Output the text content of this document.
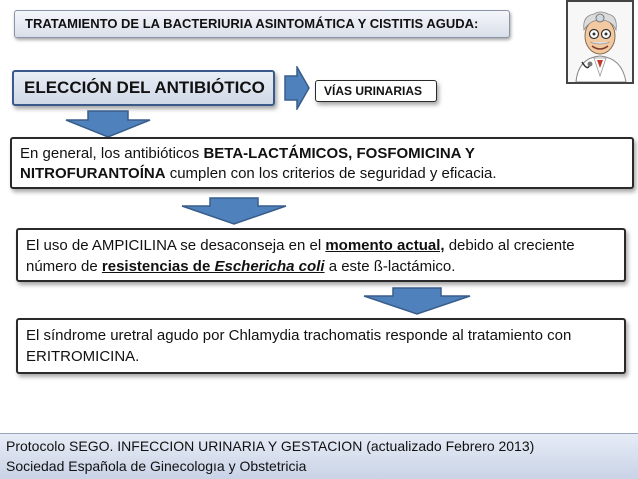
TRATAMIENTO DE LA BACTERIURIA ASINTOMÁTICA Y CISTITIS AGUDA:
ELECCIÓN DEL ANTIBIÓTICO	VÍAS URINARIAS
En general, los antibióticos BETA-LACTÁMICOS, FOSFOMICINA Y NITROFURANTOÍNA cumplen con los criterios de seguridad y eficacia.
El uso de AMPICILINA se desaconseja en el momento actual, debido al creciente número de resistencias de Eschericha coli a este ß-lactámico.
El síndrome uretral agudo por Chlamydia trachomatis responde al tratamiento con ERITROMICINA.
Protocolo SEGO. INFECCION URINARIA Y GESTACION (actualizado Febrero 2013)
Sociedad Española de Ginecologıa y Obstetricia
